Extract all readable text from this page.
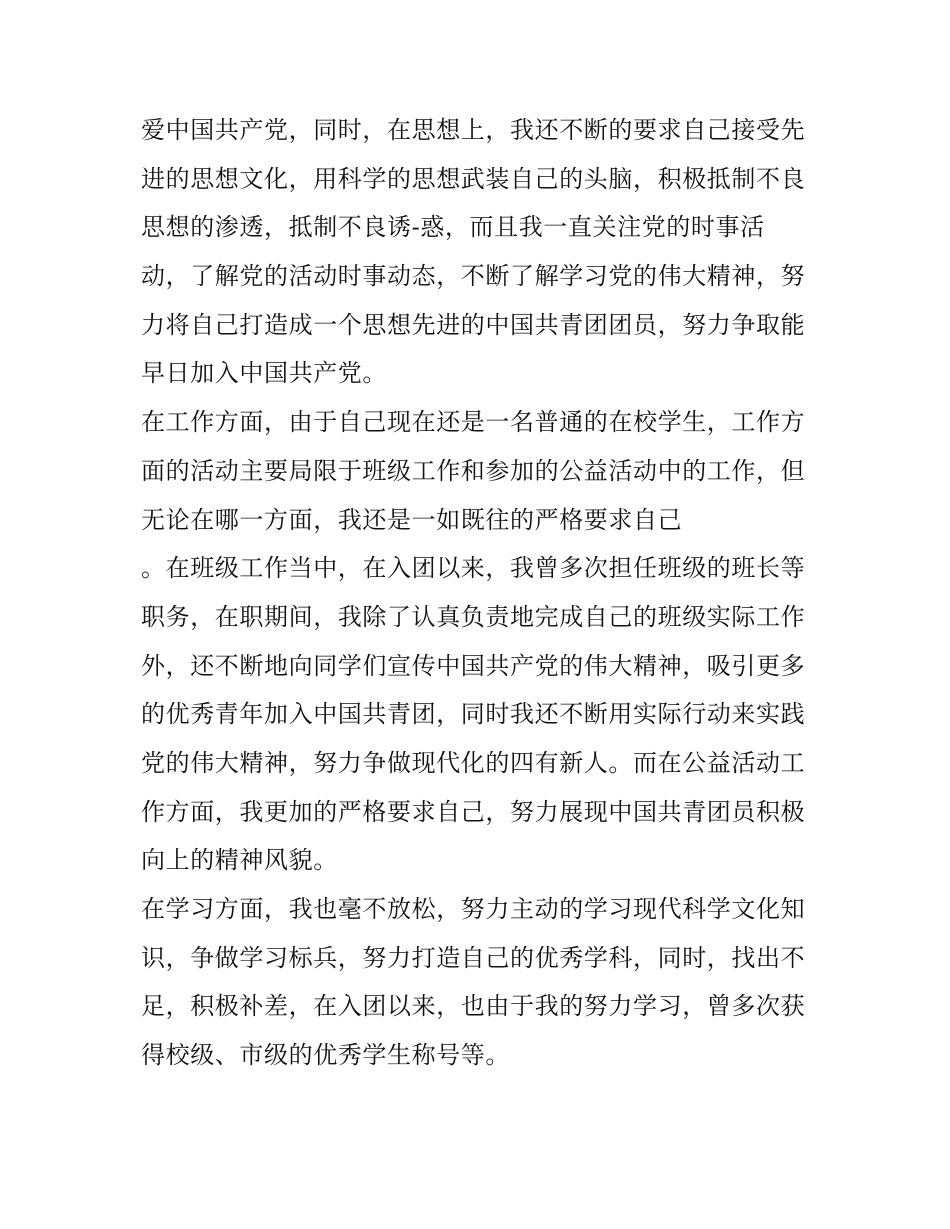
爱中国共产党，同时，在思想上，我还不断的要求自己接受先
进的思想文化，用科学的思想武装自己的头脑，积极抵制不良
思想的渗透，抵制不良诱-惑，而且我一直关注党的时事活
动，了解党的活动时事动态，不断了解学习党的伟大精神，努
力将自己打造成一个思想先进的中国共青团团员，努力争取能
早日加入中国共产党。
在工作方面，由于自己现在还是一名普通的在校学生，工作方
面的活动主要局限于班级工作和参加的公益活动中的工作，但
无论在哪一方面，我还是一如既往的严格要求自己
。在班级工作当中，在入团以来，我曾多次担任班级的班长等
职务，在职期间，我除了认真负责地完成自己的班级实际工作
外，还不断地向同学们宣传中国共产党的伟大精神，吸引更多
的优秀青年加入中国共青团，同时我还不断用实际行动来实践
党的伟大精神，努力争做现代化的四有新人。而在公益活动工
作方面，我更加的严格要求自己，努力展现中国共青团员积极
向上的精神风貌。
在学习方面，我也毫不放松，努力主动的学习现代科学文化知
识，争做学习标兵，努力打造自己的优秀学科，同时，找出不
足，积极补差，在入团以来，也由于我的努力学习，曾多次获
得校级、市级的优秀学生称号等。
